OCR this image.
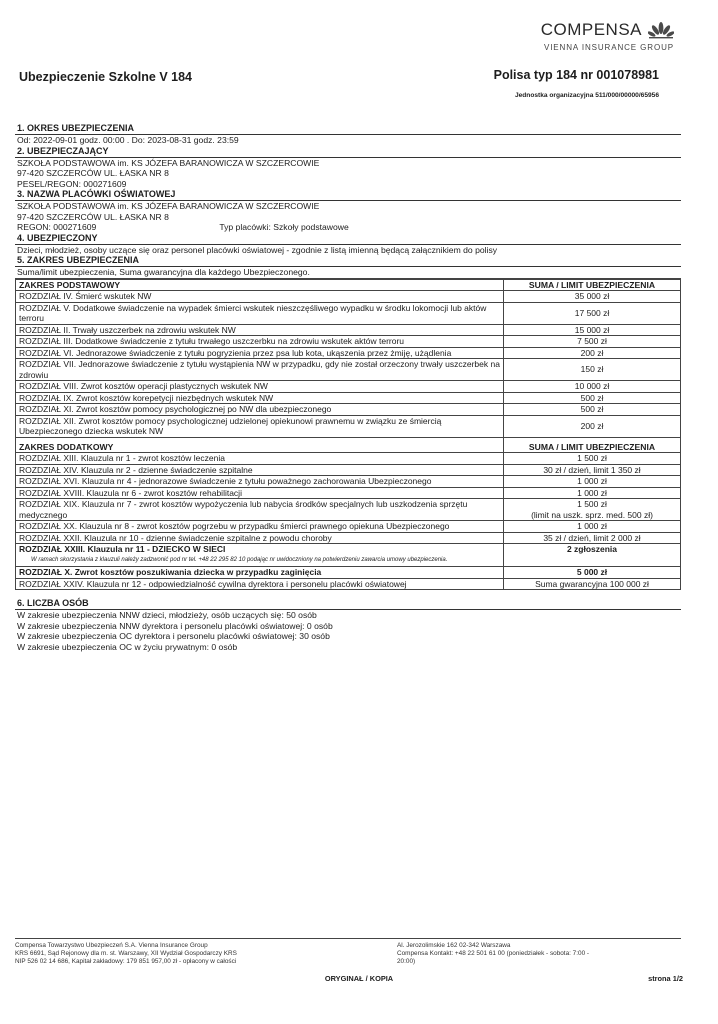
COMPENSA
VIENNA INSURANCE GROUP
Ubezpieczenie Szkolne V 184	Polisa typ 184 nr 001078981
Jednostka organizacyjna 511/000/00000/65956
1. OKRES UBEZPIECZENIA
Od: 2022-09-01 godz. 00:00 . Do: 2023-08-31 godz. 23:59
2. UBEZPIECZAJĄCY
SZKOŁA PODSTAWOWA im. KS JÓZEFA BARANOWICZA W SZCZERCOWIE
97-420 SZCZERCÓW UL. ŁASKA NR 8
PESEL/REGON: 000271609
3. NAZWA PLACÓWKI OŚWIATOWEJ
SZKOŁA PODSTAWOWA im. KS JÓZEFA BARANOWICZA W SZCZERCOWIE
97-420 SZCZERCÓW UL. ŁASKA NR 8
REGON: 000271609	Typ placówki: Szkoły podstawowe
4. UBEZPIECZONY
Dzieci, młodzież, osoby uczące się oraz personel placówki oświatowej - zgodnie z listą imienną będącą załącznikiem do polisy
5. ZAKRES UBEZPIECZENIA
Suma/limit ubezpieczenia, Suma gwarancyjna dla każdego Ubezpieczonego.
ZAKRES PODSTAWOWY	SUMA / LIMIT UBEZPIECZENIA
ROZDZIAŁ IV. Śmierć wskutek NW	35 000 zł
ROZDZIAŁ V. Dodatkowe świadczenie na wypadek śmierci wskutek nieszczęśliwego wypadku w środku lokomocji lub aktów terroru	17 500 zł
ROZDZIAŁ II. Trwały uszczerbek na zdrowiu wskutek NW	15 000 zł
ROZDZIAŁ III. Dodatkowe świadczenie z tytułu trwałego uszczerbku na zdrowiu wskutek aktów terroru	7 500 zł
ROZDZIAŁ VI. Jednorazowe świadczenie z tytułu pogryzienia przez psa lub kota, ukąszenia przez żmiję, użądlenia	200 zł
ROZDZIAŁ VII. Jednorazowe świadczenie z tytułu wystąpienia NW w przypadku, gdy nie został orzeczony trwały uszczerbek na zdrowiu	150 zł
ROZDZIAŁ VIII. Zwrot kosztów operacji plastycznych wskutek NW	10 000 zł
ROZDZIAŁ IX. Zwrot kosztów korepetycji niezbędnych wskutek NW	500 zł
ROZDZIAŁ XI. Zwrot kosztów pomocy psychologicznej po NW dla ubezpieczonego	500 zł
ROZDZIAŁ XII. Zwrot kosztów pomocy psychologicznej udzielonej opiekunowi prawnemu w związku ze śmiercią Ubezpieczonego dziecka wskutek NW	200 zł
ZAKRES DODATKOWY	SUMA / LIMIT UBEZPIECZENIA
ROZDZIAŁ XIII. Klauzula nr 1 - zwrot kosztów leczenia	1 500 zł
ROZDZIAŁ XIV. Klauzula nr 2 - dzienne świadczenie szpitalne	30 zł / dzień, limit 1 350 zł
ROZDZIAŁ XVI. Klauzula nr 4 - jednorazowe świadczenie z tytułu poważnego zachorowania Ubezpieczonego	1 000 zł
ROZDZIAŁ XVIII. Klauzula nr 6 - zwrot kosztów rehabilitacji	1 000 zł
ROZDZIAŁ XIX. Klauzula nr 7 - zwrot kosztów wypożyczenia lub nabycia środków specjalnych lub uszkodzenia sprzętu medycznego	1 500 zł
(limit na uszk. sprz. med. 500 zł)
ROZDZIAŁ XX. Klauzula nr 8 - zwrot kosztów pogrzebu w przypadku śmierci prawnego opiekuna Ubezpieczonego	1 000 zł
ROZDZIAŁ XXII. Klauzula nr 10 - dzienne świadczenie szpitalne z powodu choroby	35 zł / dzień, limit 2 000 zł

ROZDZIAŁ XXIII. Klauzula nr 11 - DZIECKO W SIECI
W ramach skorzystania z klauzuli należy zadzwonić pod nr tel. +48 22 295 82 10 podając nr uwidoczniony na potwierdzeniu zawarcia umowy ubezpieczenia.	2 zgłoszenia
ROZDZIAŁ X. Zwrot kosztów poszukiwania dziecka w przypadku zaginięcia	5 000 zł
ROZDZIAŁ XXIV. Klauzula nr 12 - odpowiedzialność cywilna dyrektora i personelu placówki oświatowej	Suma gwarancyjna 100 000 zł
6. LICZBA OSÓB
W zakresie ubezpieczenia NNW dzieci, młodzieży, osób uczących się: 50 osób
W zakresie ubezpieczenia NNW dyrektora i personelu placówki oświatowej: 0 osób
W zakresie ubezpieczenia OC dyrektora i personelu placówki oświatowej: 30 osób
W zakresie ubezpieczenia OC w życiu prywatnym: 0 osób
Compensa Towarzystwo Ubezpieczeń S.A. Vienna Insurance Group
KRS 6691, Sąd Rejonowy dla m. st. Warszawy, XII Wydział Gospodarczy KRS
NIP 526 02 14 686, Kapitał zakładowy: 179 851 957,00 zł - opłacony w całości
Al. Jerozolimskie 162 02-342 Warszawa
Compensa Kontakt: +48 22 501 61 00 (poniedziałek - sobota: 7:00 -
20:00)
ORYGINAŁ / KOPIA	strona 1/2
